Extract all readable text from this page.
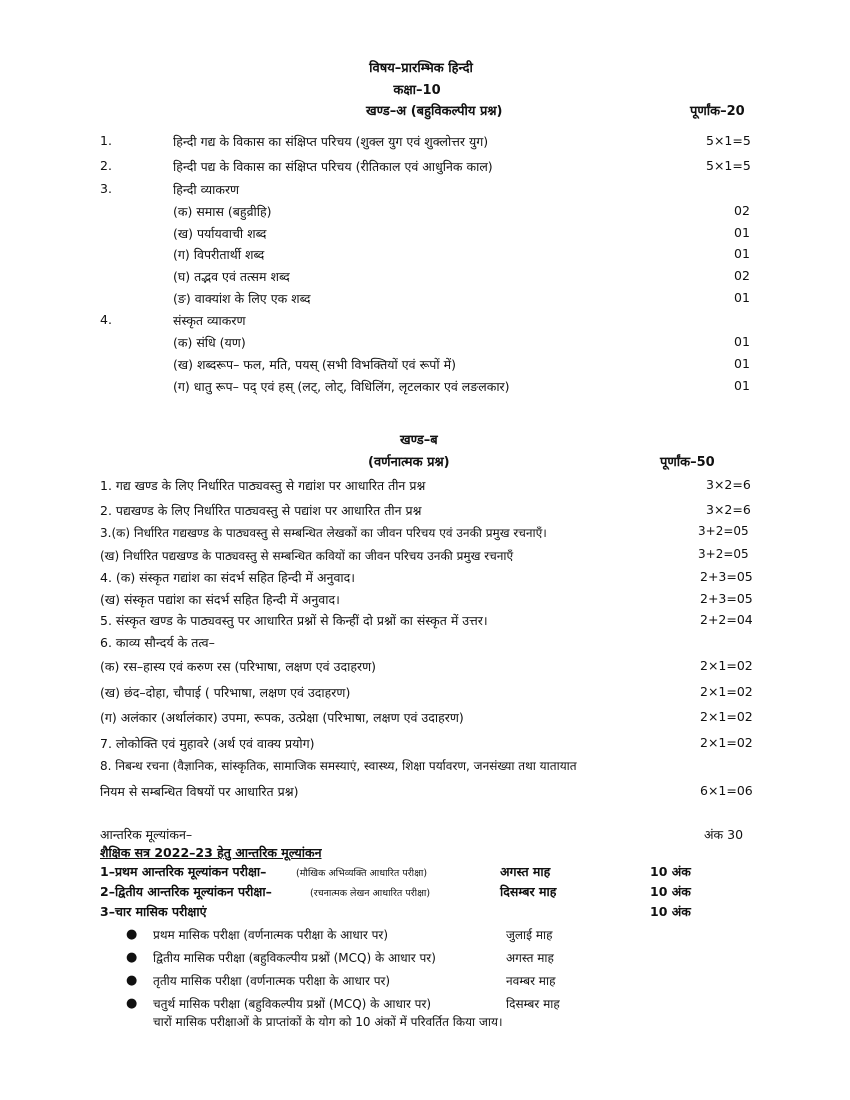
विषय–प्रारम्भिक हिन्दी
कक्षा–10
खण्ड–अ (बहुविकल्पीय प्रश्न)	पूर्णांक–20
1.	हिन्दी गद्य के विकास का संक्षिप्त परिचय (शुक्ल युग एवं शुक्लोत्तर युग)	5×1=5
2.	हिन्दी पद्य के विकास का संक्षिप्त परिचय (रीतिकाल एवं आधुनिक काल)	5×1=5
3.	हिन्दी व्याकरण
(क) समास (बहुव्रीहि)	02
(ख) पर्यायवाची शब्द	01
(ग) विपरीतार्थी शब्द	01
(घ) तद्भव एवं तत्सम शब्द	02
(ङ) वाक्यांश के लिए एक शब्द	01
4.	संस्कृत व्याकरण
(क) संधि (यण)	01
(ख) शब्दरूप– फल, मति, पयस् (सभी विभक्तियों एवं रूपों में)	01
(ग) धातु रूप– पद् एवं हस् (लट्, लोट्, विधिलिंग, लृटलकार एवं लङलकार)	01
खण्ड–ब
(वर्णनात्मक प्रश्न)	पूर्णांक–50
1. गद्य खण्ड के लिए निर्धारित पाठ्यवस्तु से गद्यांश पर आधारित तीन प्रश्न	3×2=6
2. पद्यखण्ड के लिए निर्धारित पाठ्यवस्तु से पद्यांश पर आधारित तीन प्रश्न	3×2=6
3.(क) निर्धारित गद्यखण्ड के पाठ्यवस्तु से सम्बन्धित लेखकों का जीवन परिचय एवं उनकी प्रमुख रचनाएँ।	3+2=05
(ख) निर्धारित पद्यखण्ड के पाठ्यवस्तु से सम्बन्धित कवियों का जीवन परिचय उनकी प्रमुख रचनाएँ	3+2=05
4. (क) संस्कृत गद्यांश का संदर्भ सहित हिन्दी में अनुवाद।	2+3=05
(ख) संस्कृत पद्यांश का संदर्भ सहित हिन्दी में अनुवाद।	2+3=05
5. संस्कृत खण्ड के पाठ्यवस्तु पर आधारित प्रश्नों से किन्हीं दो प्रश्नों का संस्कृत में उत्तर।	2+2=04
6. काव्य सौन्दर्य के तत्व–
(क) रस–हास्य एवं करुण रस (परिभाषा, लक्षण एवं उदाहरण)	2×1=02
(ख) छंद–दोहा, चौपाई ( परिभाषा, लक्षण एवं उदाहरण)	2×1=02
(ग) अलंकार (अर्थालंकार) उपमा, रूपक, उत्प्रेक्षा (परिभाषा, लक्षण एवं उदाहरण)	2×1=02
7. लोकोक्ति एवं मुहावरे (अर्थ एवं वाक्य प्रयोग)	2×1=02
8. निबन्ध रचना (वैज्ञानिक, सांस्कृतिक, सामाजिक समस्याएं, स्वास्थ्य, शिक्षा पर्यावरण, जनसंख्या तथा यातायात
नियम से सम्बन्धित विषयों पर आधारित प्रश्न)	6×1=06
आन्तरिक मूल्यांकन–	अंक 30
शैक्षिक सत्र 2022–23 हेतु आन्तरिक मूल्यांकन
1–प्रथम आन्तरिक मूल्यांकन परीक्षा–	(मौखिक अभिव्यक्ति आधारित परीक्षा)	अगस्त माह	10 अंक
2–द्वितीय आन्तरिक मूल्यांकन परीक्षा–	(रचनात्मक लेखन आधारित परीक्षा)	दिसम्बर माह	10 अंक
3–चार मासिक परीक्षाएं	10 अंक
● प्रथम मासिक परीक्षा (वर्णनात्मक परीक्षा के आधार पर)	जुलाई माह
● द्वितीय मासिक परीक्षा (बहुविकल्पीय प्रश्नों (MCQ) के आधार पर)	अगस्त माह
● तृतीय मासिक परीक्षा (वर्णनात्मक परीक्षा के आधार पर)	नवम्बर माह
● चतुर्थ मासिक परीक्षा (बहुविकल्पीय प्रश्नों (MCQ) के आधार पर)	दिसम्बर माह
चारों मासिक परीक्षाओं के प्राप्तांकों के योग को 10 अंकों में परिवर्तित किया जाय।
